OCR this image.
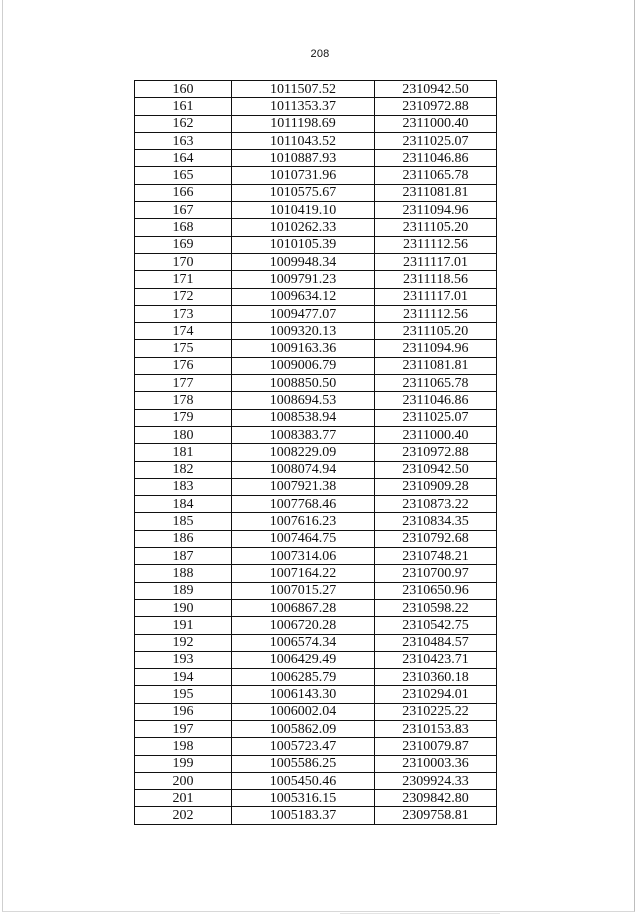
208
160	1011507.52	2310942.50
161	1011353.37	2310972.88
162	1011198.69	2311000.40
163	1011043.52	2311025.07
164	1010887.93	2311046.86
165	1010731.96	2311065.78
166	1010575.67	2311081.81
167	1010419.10	2311094.96
168	1010262.33	2311105.20
169	1010105.39	2311112.56
170	1009948.34	2311117.01
171	1009791.23	2311118.56
172	1009634.12	2311117.01
173	1009477.07	2311112.56
174	1009320.13	2311105.20
175	1009163.36	2311094.96
176	1009006.79	2311081.81
177	1008850.50	2311065.78
178	1008694.53	2311046.86
179	1008538.94	2311025.07
180	1008383.77	2311000.40
181	1008229.09	2310972.88
182	1008074.94	2310942.50
183	1007921.38	2310909.28
184	1007768.46	2310873.22
185	1007616.23	2310834.35
186	1007464.75	2310792.68
187	1007314.06	2310748.21
188	1007164.22	2310700.97
189	1007015.27	2310650.96
190	1006867.28	2310598.22
191	1006720.28	2310542.75
192	1006574.34	2310484.57
193	1006429.49	2310423.71
194	1006285.79	2310360.18
195	1006143.30	2310294.01
196	1006002.04	2310225.22
197	1005862.09	2310153.83
198	1005723.47	2310079.87
199	1005586.25	2310003.36
200	1005450.46	2309924.33
201	1005316.15	2309842.80
202	1005183.37	2309758.81
